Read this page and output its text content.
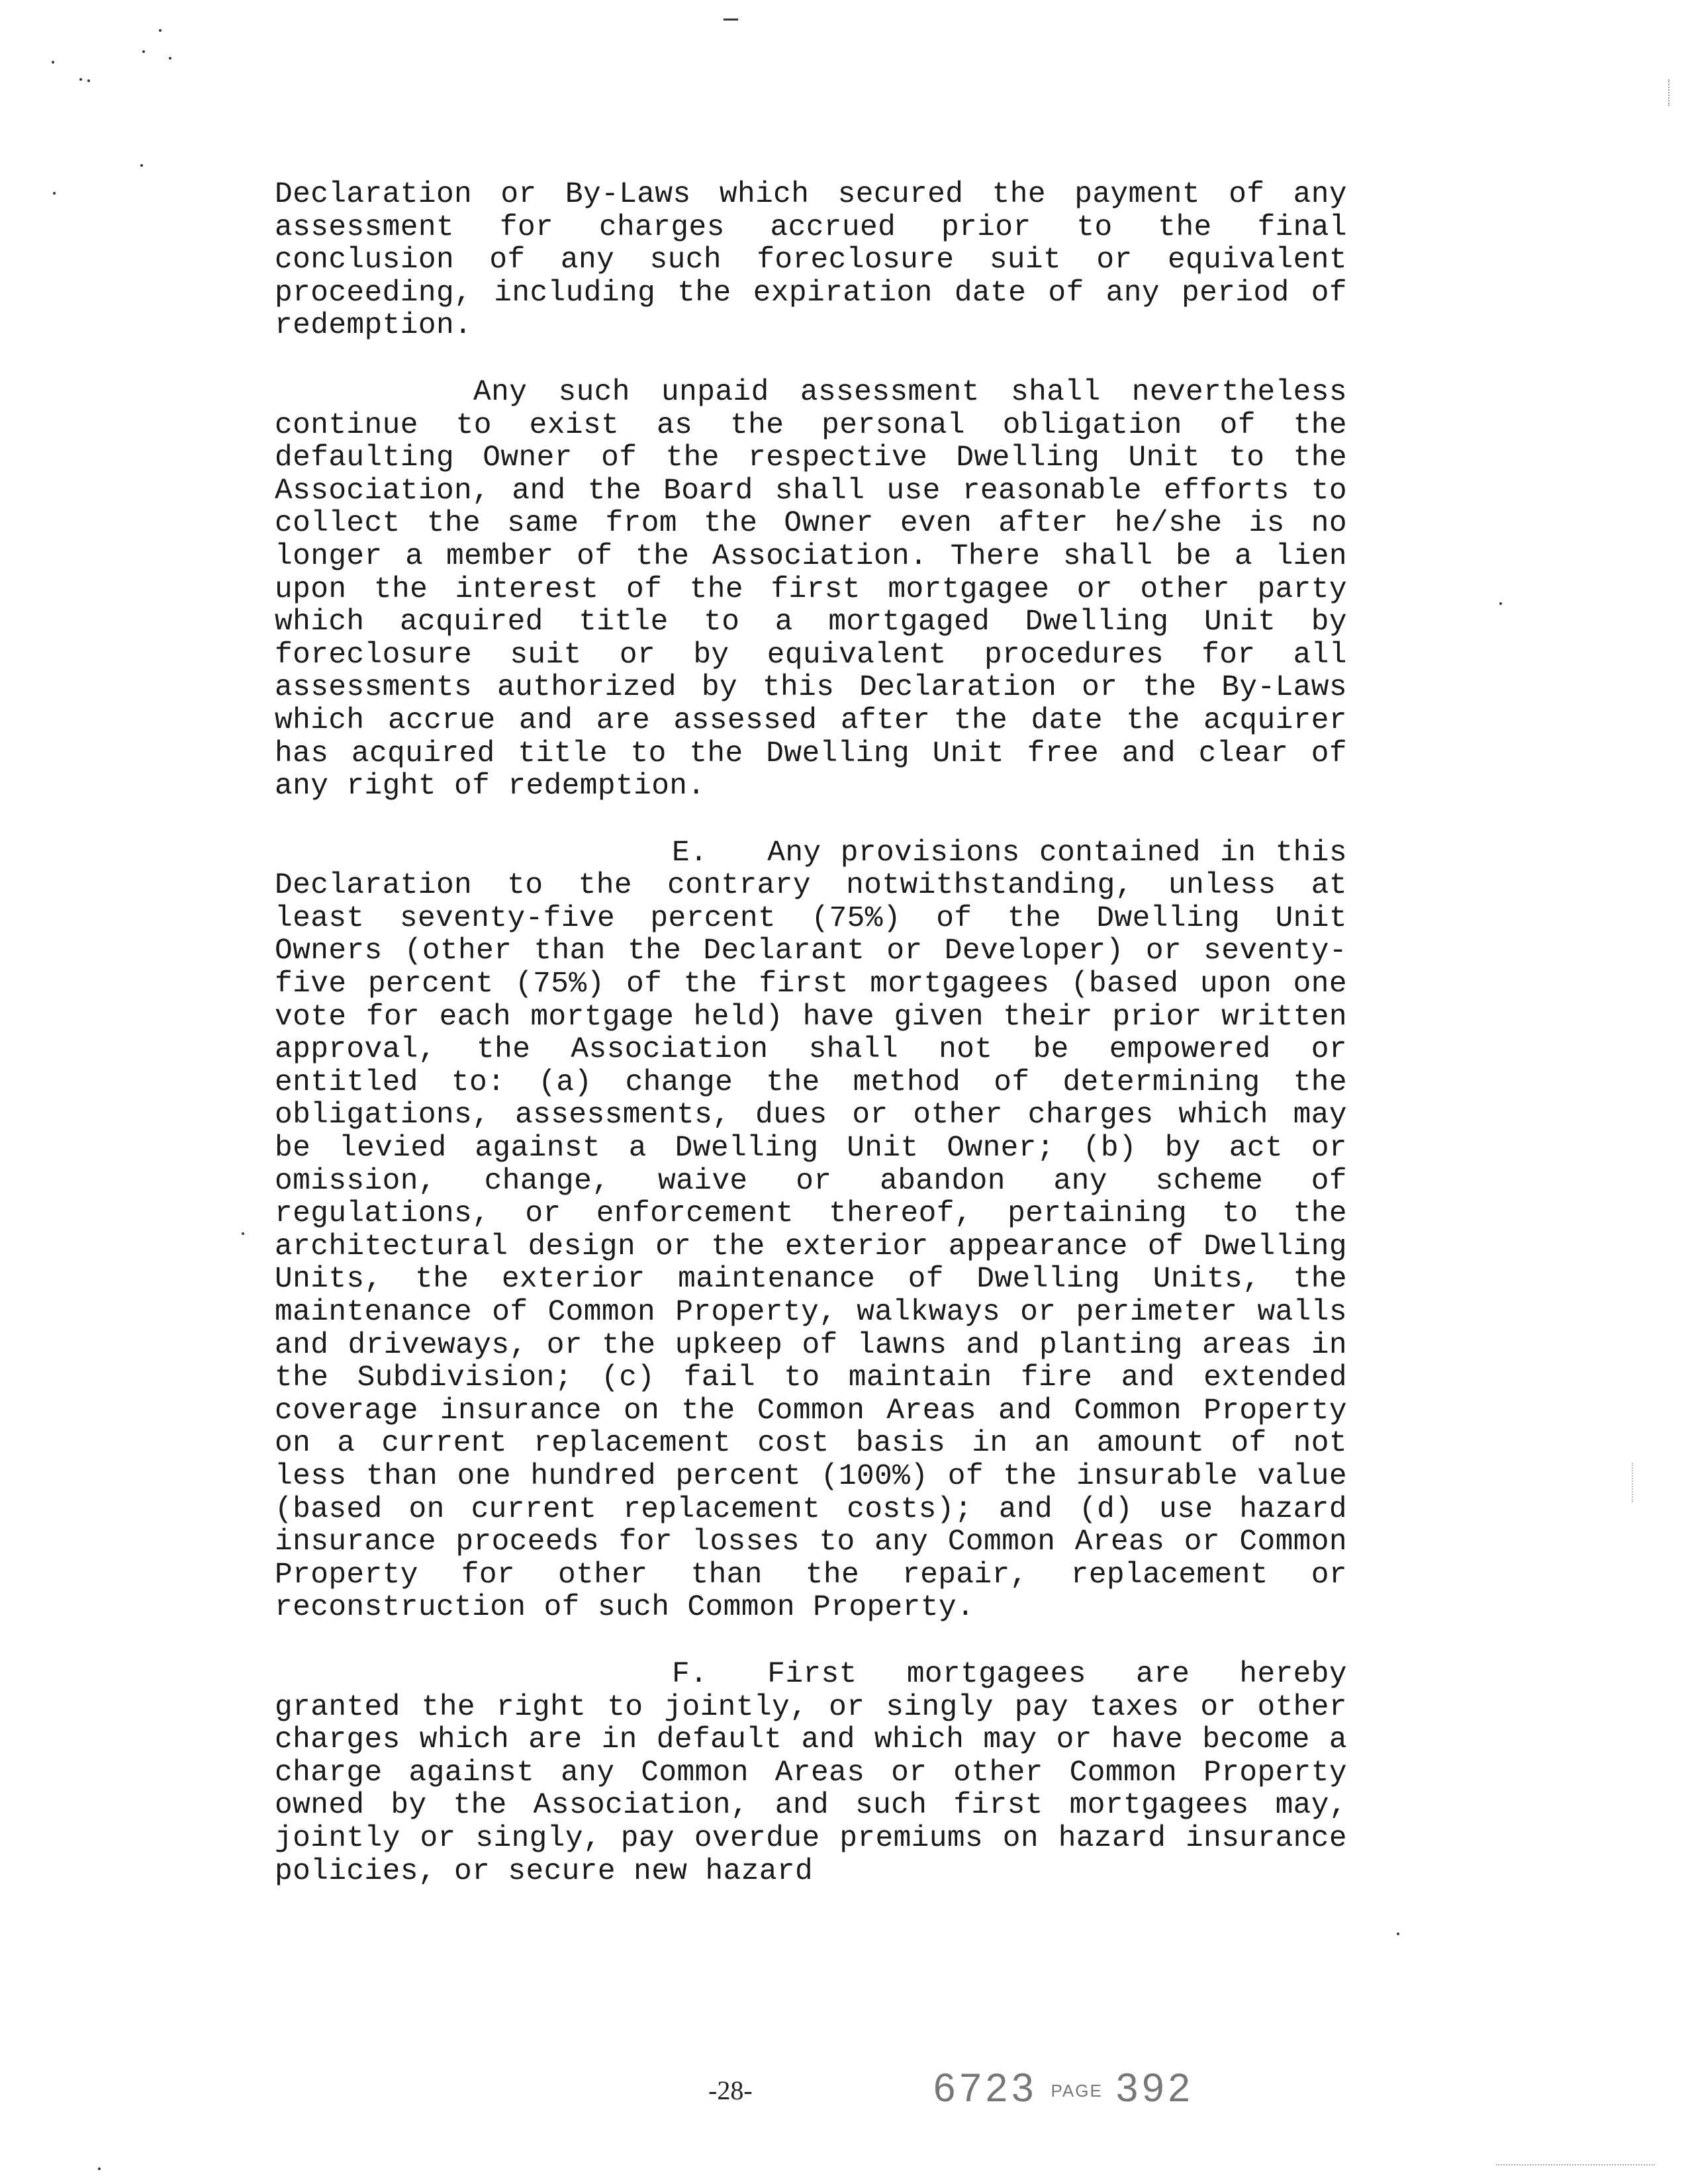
Declaration or By-Laws which secured the payment of any assessment for charges accrued prior to the final conclusion of any such foreclosure suit or equivalent proceeding, including the expiration date of any period of redemption.

Any such unpaid assessment shall nevertheless continue to exist as the personal obligation of the defaulting Owner of the respective Dwelling Unit to the Association, and the Board shall use reasonable efforts to collect the same from the Owner even after he/she is no longer a member of the Association. There shall be a lien upon the interest of the first mortgagee or other party which acquired title to a mortgaged Dwelling Unit by foreclosure suit or by equivalent procedures for all assessments authorized by this Declaration or the By-Laws which accrue and are assessed after the date the acquirer has acquired title to the Dwelling Unit free and clear of any right of redemption.

E. Any provisions contained in this Declaration to the contrary notwithstanding, unless at least seventy-five percent (75%) of the Dwelling Unit Owners (other than the Declarant or Developer) or seventy-five percent (75%) of the first mortgagees (based upon one vote for each mortgage held) have given their prior written approval, the Association shall not be empowered or entitled to: (a) change the method of determining the obligations, assessments, dues or other charges which may be levied against a Dwelling Unit Owner; (b) by act or omission, change, waive or abandon any scheme of regulations, or enforcement thereof, pertaining to the architectural design or the exterior appearance of Dwelling Units, the exterior maintenance of Dwelling Units, the maintenance of Common Property, walkways or perimeter walls and driveways, or the upkeep of lawns and planting areas in the Subdivision; (c) fail to maintain fire and extended coverage insurance on the Common Areas and Common Property on a current replacement cost basis in an amount of not less than one hundred percent (100%) of the insurable value (based on current replacement costs); and (d) use hazard insurance proceeds for losses to any Common Areas or Common Property for other than the repair, replacement or reconstruction of such Common Property.

F. First mortgagees are hereby granted the right to jointly, or singly pay taxes or other charges which are in default and which may or have become a charge against any Common Areas or other Common Property owned by the Association, and such first mortgagees may, jointly or singly, pay overdue premiums on hazard insurance policies, or secure new hazard

-28-	6723 PAGE 392
